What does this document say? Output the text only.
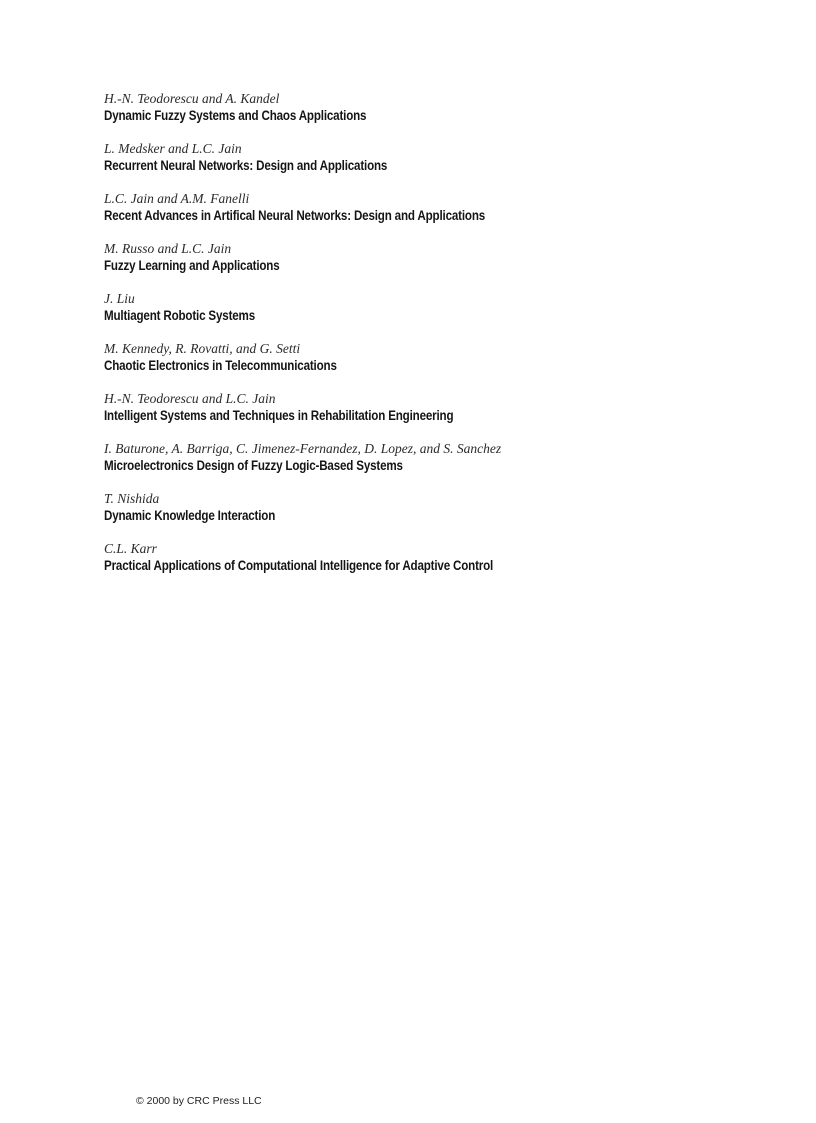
H.-N. Teodorescu and A. Kandel
Dynamic Fuzzy Systems and Chaos Applications
L. Medsker and L.C. Jain
Recurrent Neural Networks: Design and Applications
L.C. Jain and A.M. Fanelli
Recent Advances in Artifical Neural Networks: Design and Applications
M. Russo and L.C. Jain
Fuzzy Learning and Applications
J. Liu
Multiagent Robotic Systems
M. Kennedy, R. Rovatti, and G. Setti
Chaotic Electronics in Telecommunications
H.-N. Teodorescu and L.C. Jain
Intelligent Systems and Techniques in Rehabilitation Engineering
I. Baturone, A. Barriga, C. Jimenez-Fernandez, D. Lopez, and S. Sanchez
Microelectronics Design of Fuzzy Logic-Based Systems
T. Nishida
Dynamic Knowledge Interaction
C.L. Karr
Practical Applications of Computational Intelligence for Adaptive Control
© 2000 by CRC Press LLC
